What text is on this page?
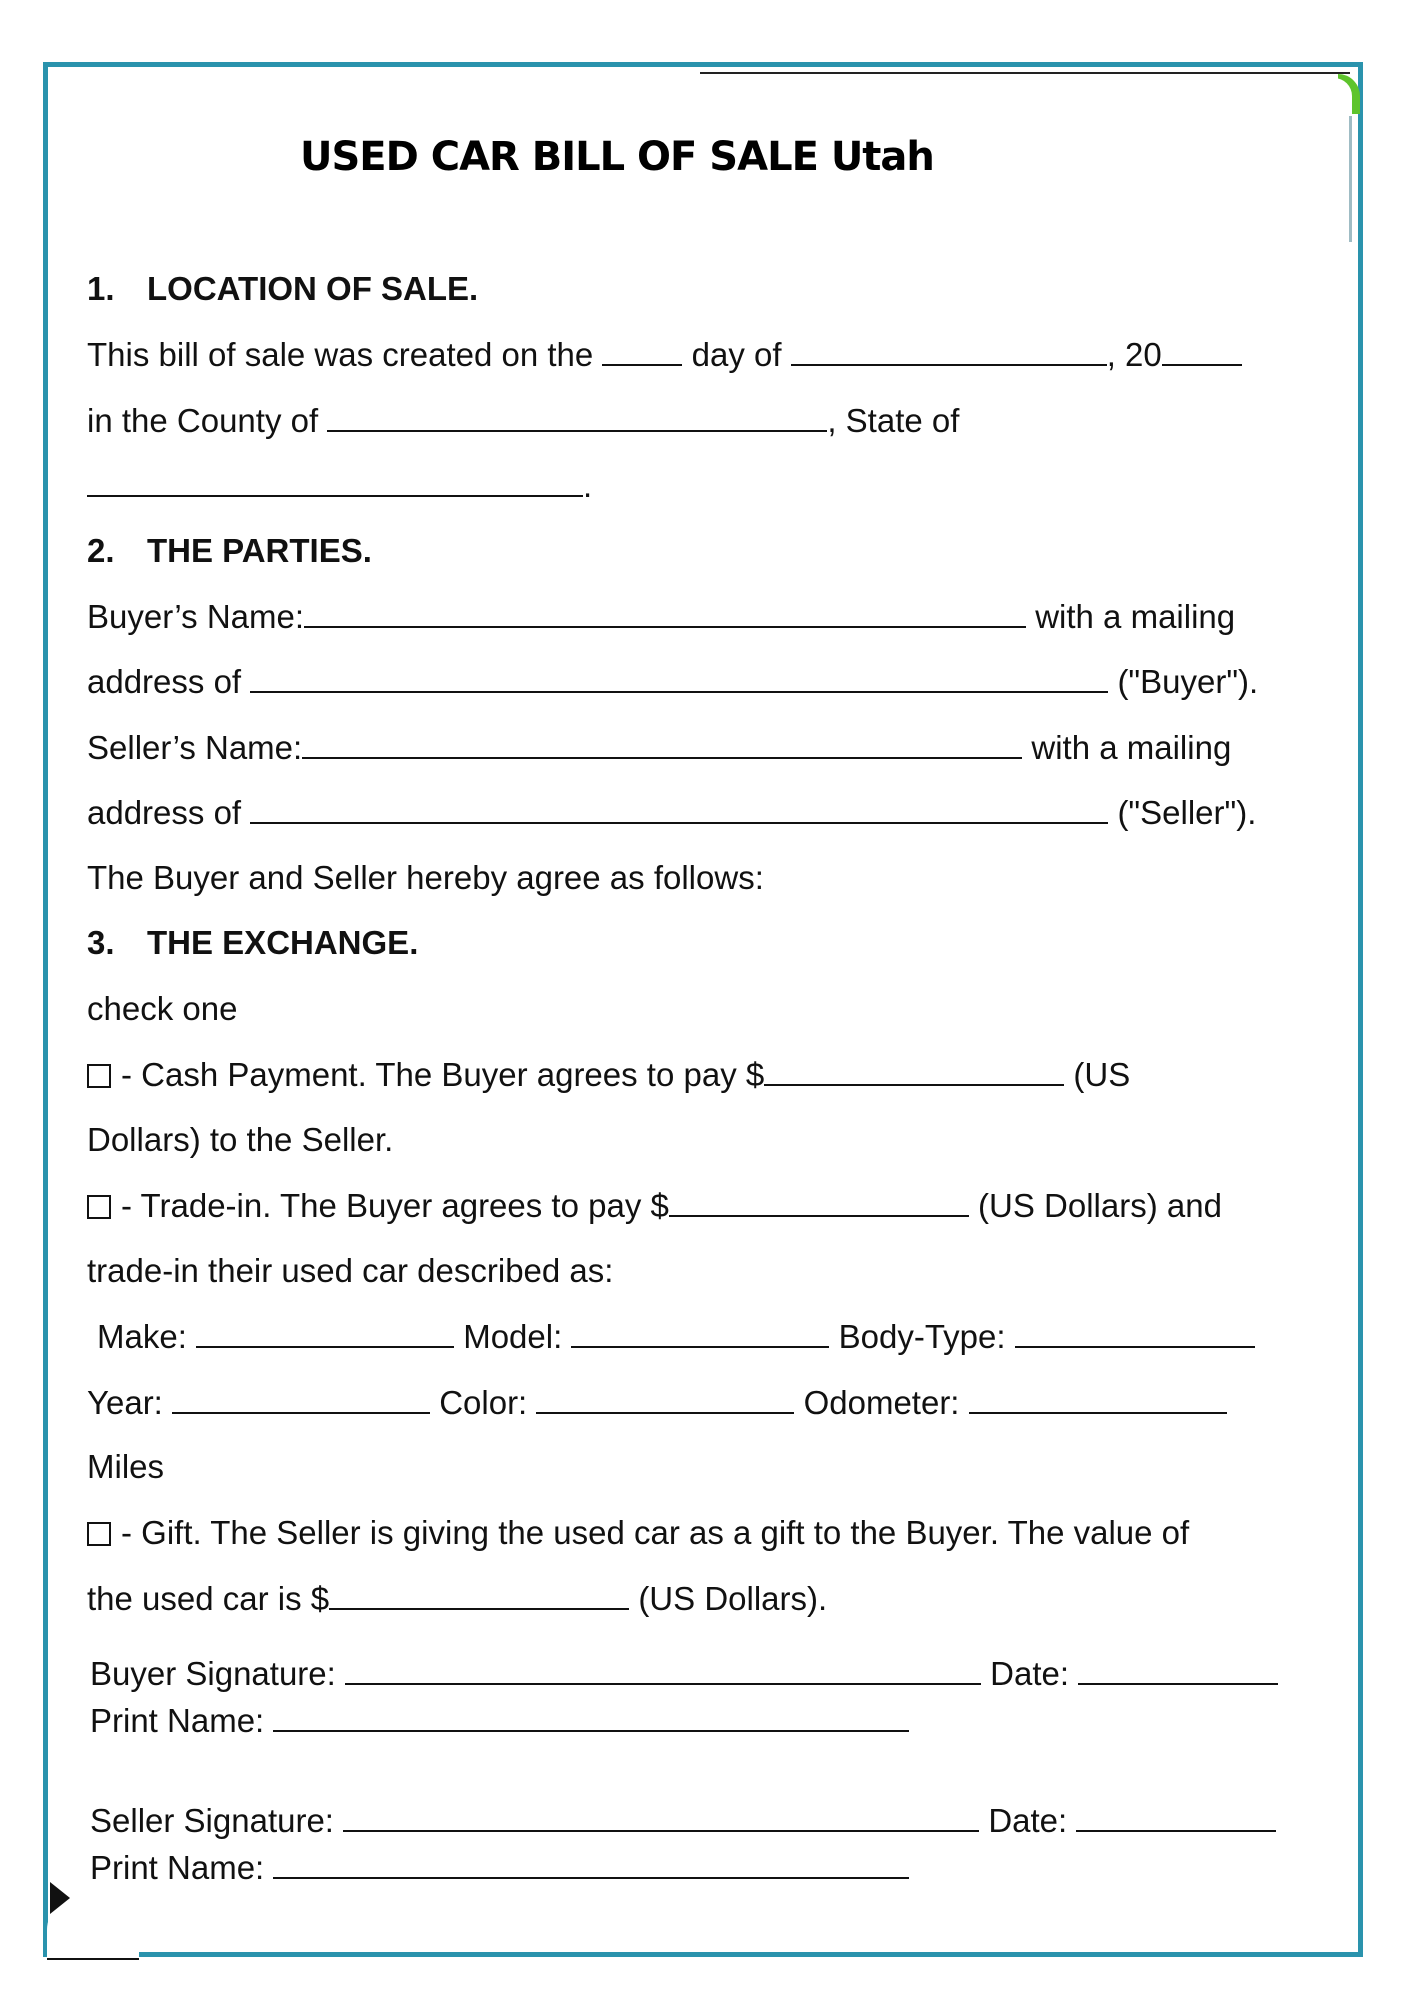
USED CAR BILL OF SALE Utah
1. LOCATION OF SALE.
This bill of sale was created on the	day of	, 20
in the County of	, State of
.
2. THE PARTIES.
Buyer’s Name:	with a mailing
address of	("Buyer").
Seller’s Name:	with a mailing
address of	("Seller").
The Buyer and Seller hereby agree as follows:
3. THE EXCHANGE.
check one
- Cash Payment. The Buyer agrees to pay $	(US
Dollars) to the Seller.
- Trade-in. The Buyer agrees to pay $	(US Dollars) and
trade-in their used car described as:
Make:	Model:	Body-Type:
Year:	Color:	Odometer:
Miles
- Gift. The Seller is giving the used car as a gift to the Buyer. The value of
the used car is $	(US Dollars).
Buyer Signature:	Date:
Print Name:
Seller Signature:	Date:
Print Name:
